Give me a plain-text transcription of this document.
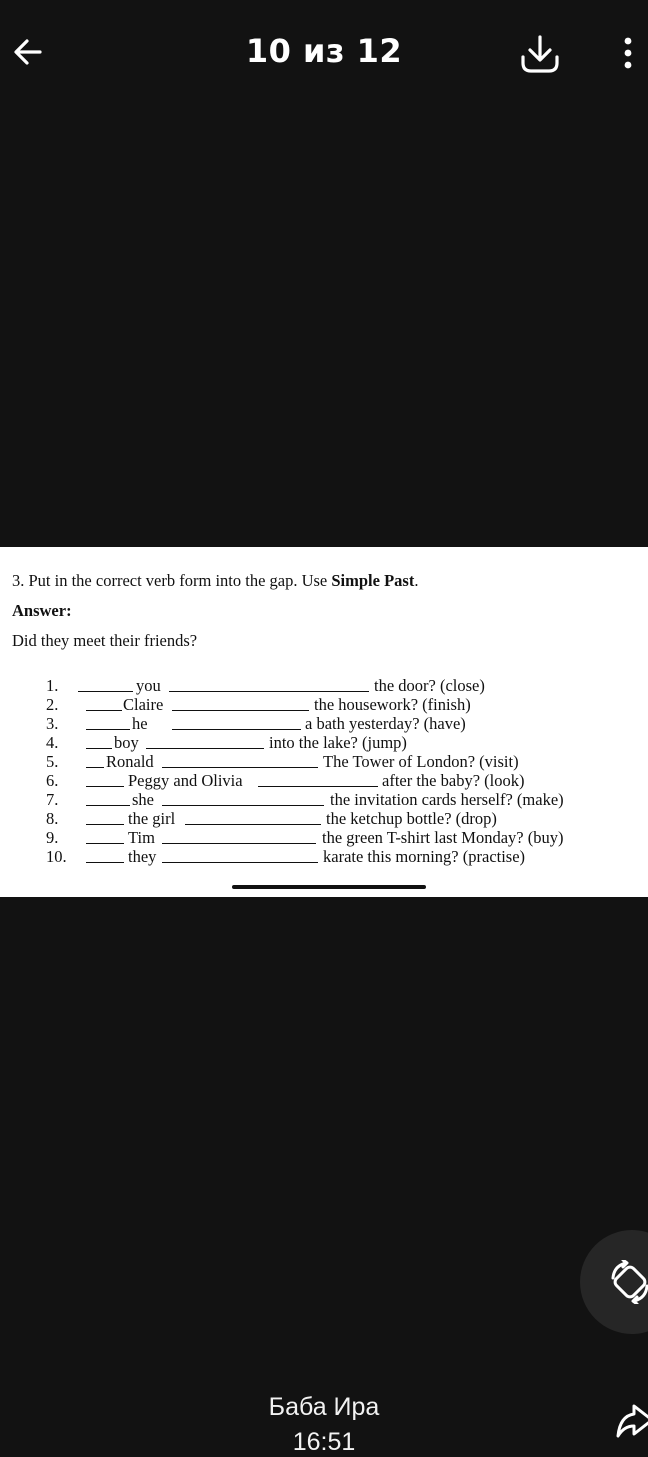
10 из 12
3. Put in the correct verb form into the gap. Use Simple Past.
Answer:
Did they meet their friends?
1.	you	the door? (close)
2.	Claire	the housework? (finish)
3.	he	a bath yesterday? (have)
4.	boy	into the lake? (jump)
5.	Ronald	The Tower of London? (visit)
6.	Peggy and Olivia	after the baby? (look)
7.	she	the invitation cards herself? (make)
8.	the girl	the ketchup bottle? (drop)
9.	Tim	the green T-shirt last Monday? (buy)
10.	they	karate this morning? (practise)
Баба Ира
16:51
